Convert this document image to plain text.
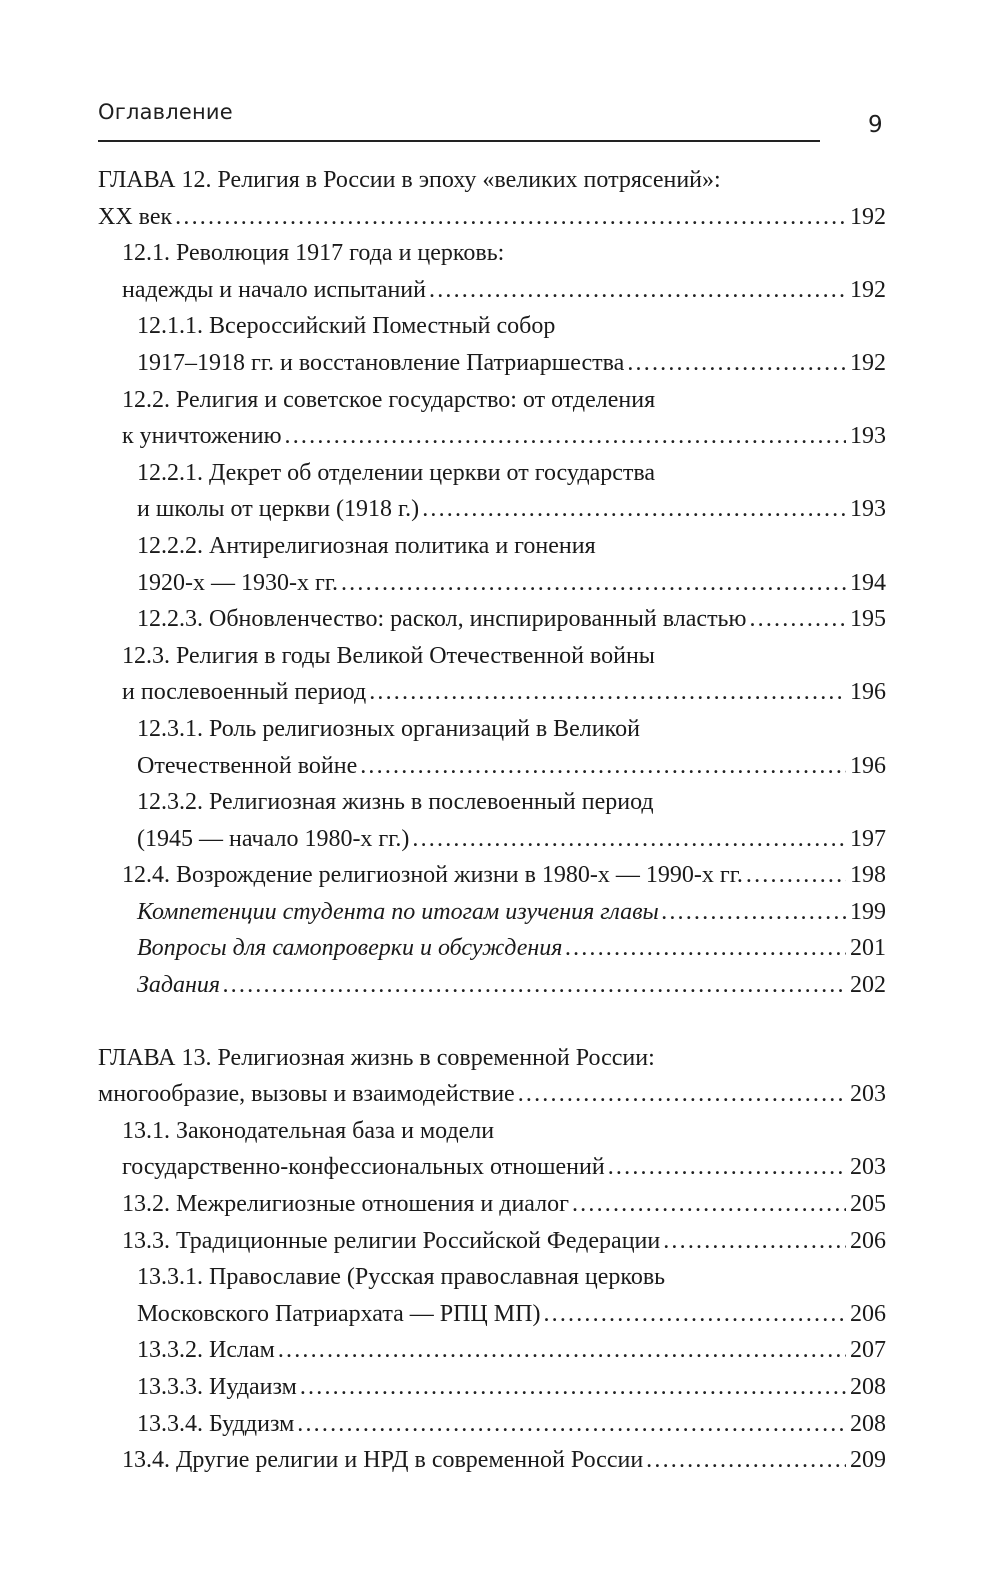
Оглавление	9
ГЛАВА 12. Религия в России в эпоху «великих потрясений»:
XX век .....	192
12.1. Революция 1917 года и церковь:
надежды и начало испытаний .....	192
12.1.1. Всероссийский Поместный собор
1917–1918 гг. и восстановление Патриаршества .....	192
12.2. Религия и советское государство: от отделения
к уничтожению .....	193
12.2.1. Декрет об отделении церкви от государства
и школы от церкви (1918 г.) .....	193
12.2.2. Антирелигиозная политика и гонения
1920-х — 1930-х гг. .....	194
12.2.3. Обновленчество: раскол, инспирированный властью .....	195
12.3. Религия в годы Великой Отечественной войны
и послевоенный период .....	196
12.3.1. Роль религиозных организаций в Великой
Отечественной войне .....	196
12.3.2. Религиозная жизнь в послевоенный период
(1945 — начало 1980-х гг.) .....	197
12.4. Возрождение религиозной жизни в 1980-х — 1990-х гг. .....	198
Компетенции студента по итогам изучения главы .....	199
Вопросы для самопроверки и обсуждения .....	201
Задания .....	202
ГЛАВА 13. Религиозная жизнь в современной России:
многообразие, вызовы и взаимодействие .....	203
13.1. Законодательная база и модели
государственно-конфессиональных отношений .....	203
13.2. Межрелигиозные отношения и диалог .....	205
13.3. Традиционные религии Российской Федерации .....	206
13.3.1. Православие (Русская православная церковь
Московского Патриархата — РПЦ МП) .....	206
13.3.2. Ислам .....	207
13.3.3. Иудаизм .....	208
13.3.4. Буддизм .....	208
13.4. Другие религии и НРД в современной России .....	209
